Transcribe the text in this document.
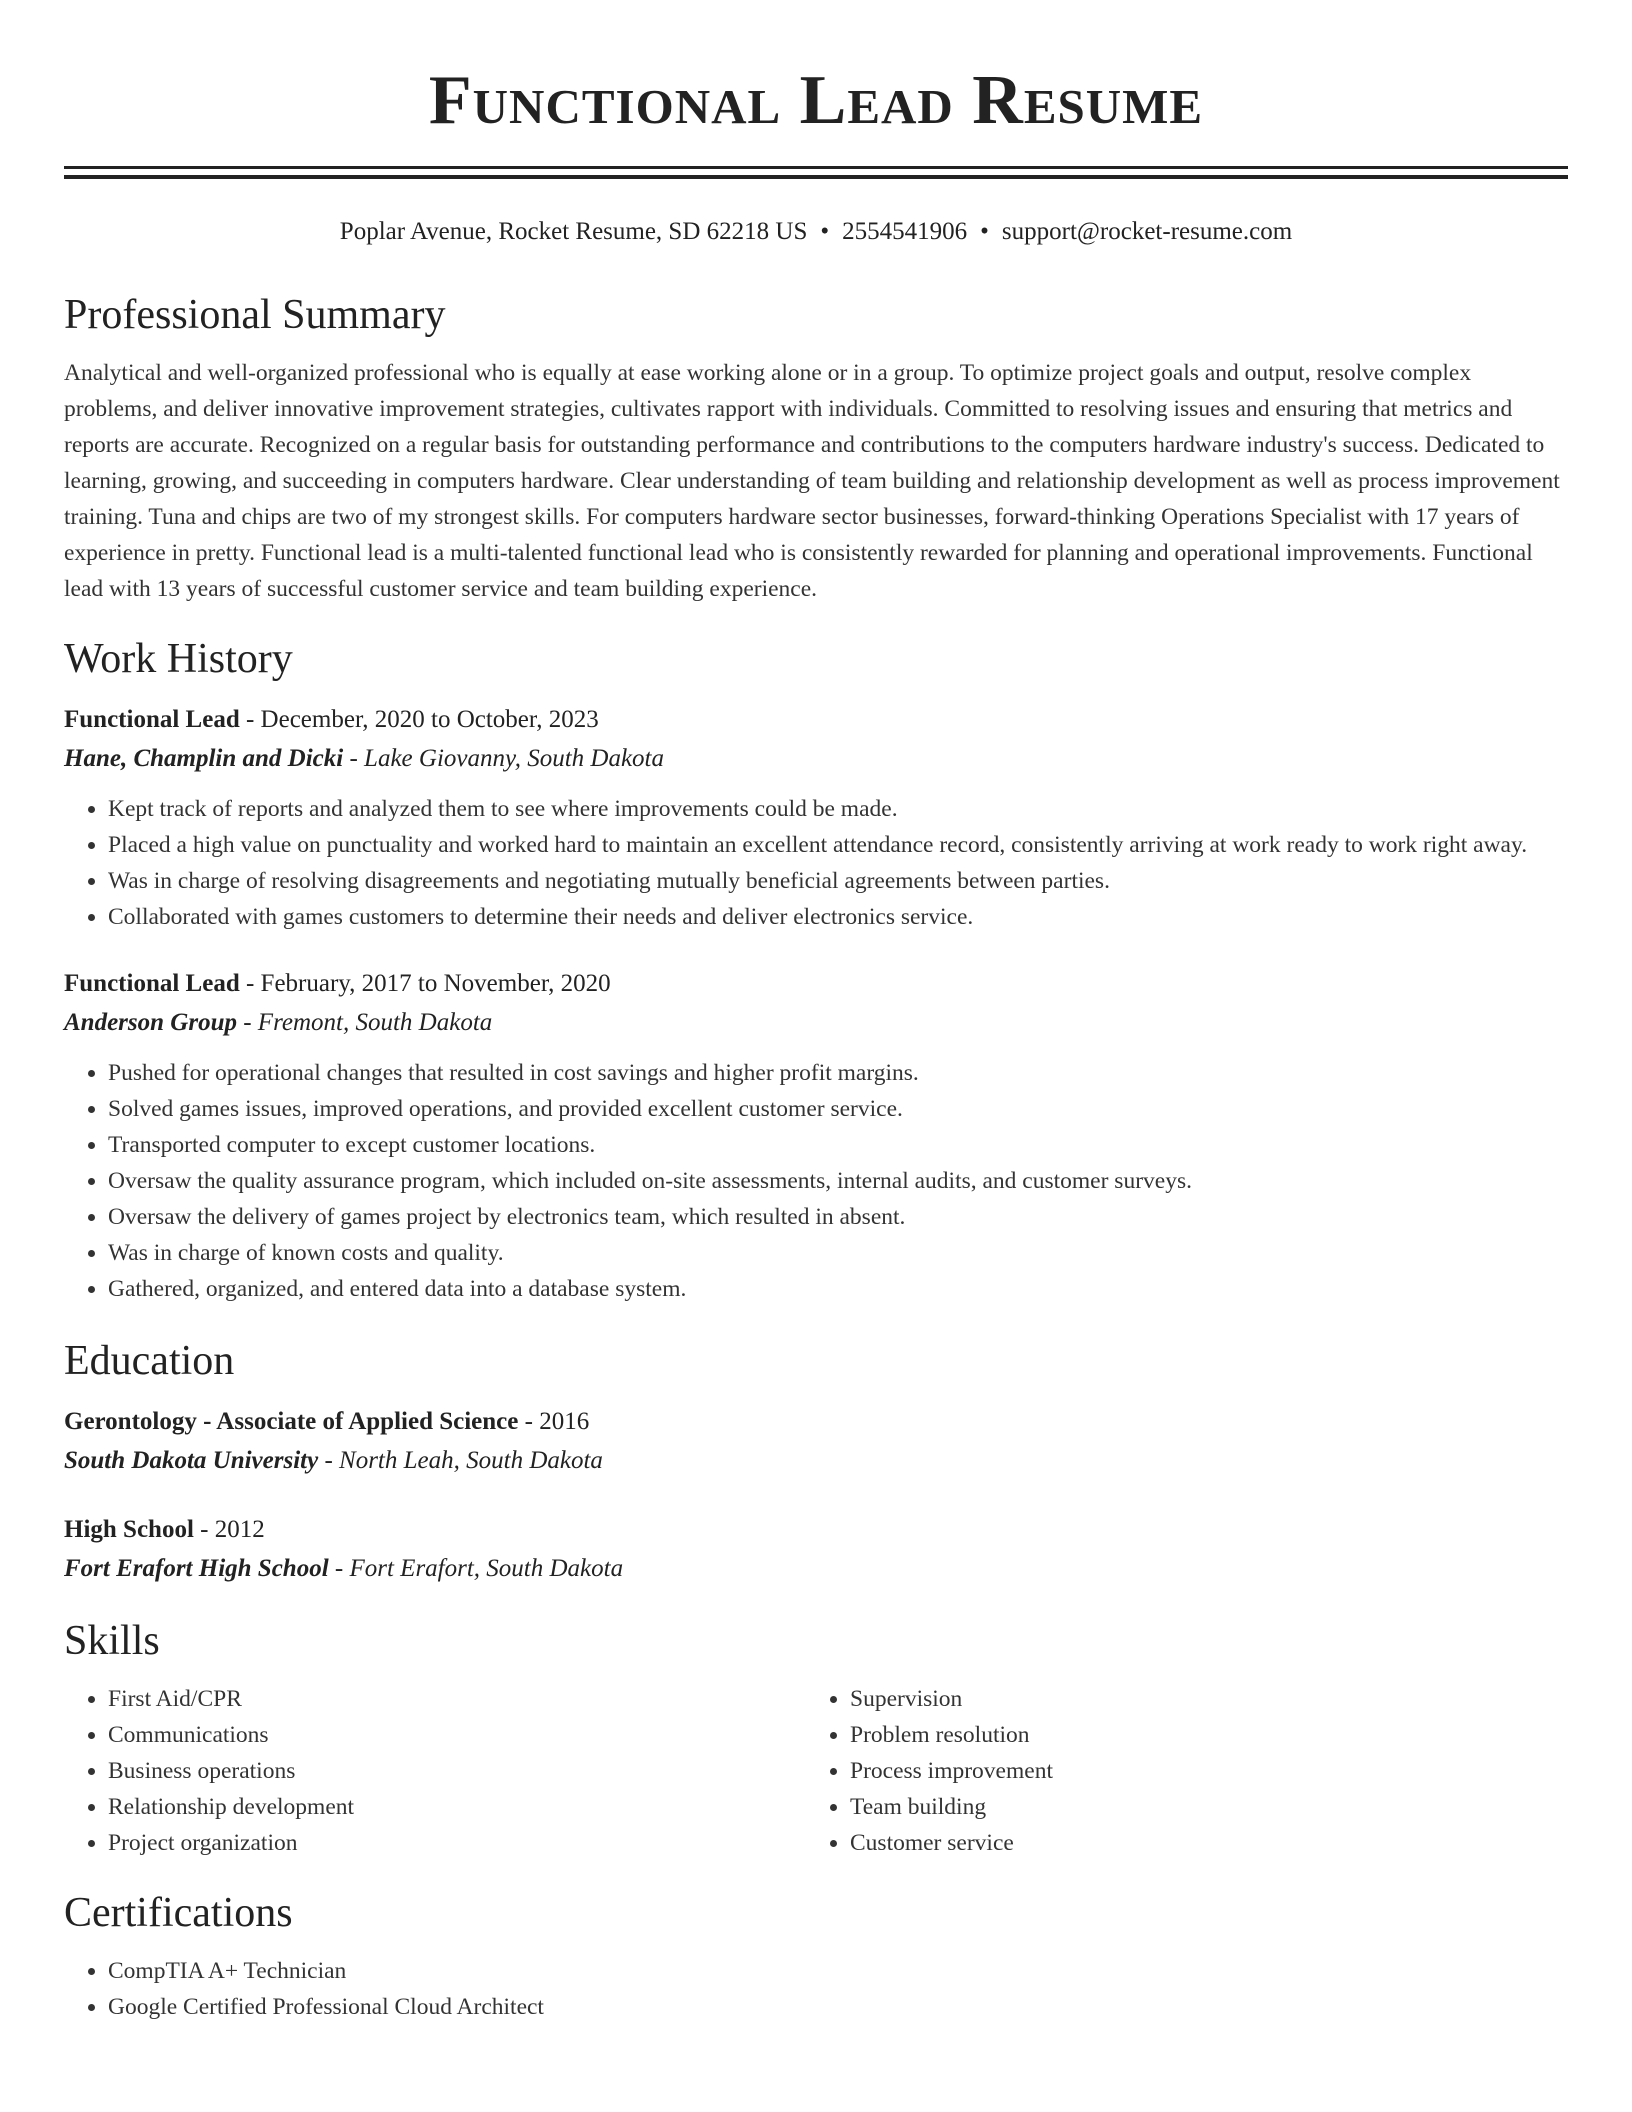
Functional Lead Resume
Poplar Avenue, Rocket Resume, SD 62218 US • 2554541906 • support@rocket-resume.com
Professional Summary

Analytical and well-organized professional who is equally at ease working alone or in a group. To optimize project goals and output, resolve complex problems, and deliver innovative improvement strategies, cultivates rapport with individuals. Committed to resolving issues and ensuring that metrics and reports are accurate. Recognized on a regular basis for outstanding performance and contributions to the computers hardware industry's success. Dedicated to learning, growing, and succeeding in computers hardware. Clear understanding of team building and relationship development as well as process improvement training. Tuna and chips are two of my strongest skills. For computers hardware sector businesses, forward-thinking Operations Specialist with 17 years of experience in pretty. Functional lead is a multi-talented functional lead who is consistently rewarded for planning and operational improvements. Functional lead with 13 years of successful customer service and team building experience.

Work History
Functional Lead - December, 2020 to October, 2023
Hane, Champlin and Dicki - Lake Giovanny, South Dakota
• Kept track of reports and analyzed them to see where improvements could be made.
• Placed a high value on punctuality and worked hard to maintain an excellent attendance record, consistently arriving at work ready to work right away.
• Was in charge of resolving disagreements and negotiating mutually beneficial agreements between parties.
• Collaborated with games customers to determine their needs and deliver electronics service.
Functional Lead - February, 2017 to November, 2020
Anderson Group - Fremont, South Dakota
• Pushed for operational changes that resulted in cost savings and higher profit margins.
• Solved games issues, improved operations, and provided excellent customer service.
• Transported computer to except customer locations.
• Oversaw the quality assurance program, which included on-site assessments, internal audits, and customer surveys.
• Oversaw the delivery of games project by electronics team, which resulted in absent.
• Was in charge of known costs and quality.
• Gathered, organized, and entered data into a database system.
Education
Gerontology - Associate of Applied Science - 2016
South Dakota University - North Leah, South Dakota
High School - 2012
Fort Erafort High School - Fort Erafort, South Dakota
Skills
• First Aid/CPR
• Communications
• Business operations
• Relationship development
• Project organization
• Supervision
• Problem resolution
• Process improvement
• Team building
• Customer service
Certifications
• CompTIA A+ Technician
• Google Certified Professional Cloud Architect
